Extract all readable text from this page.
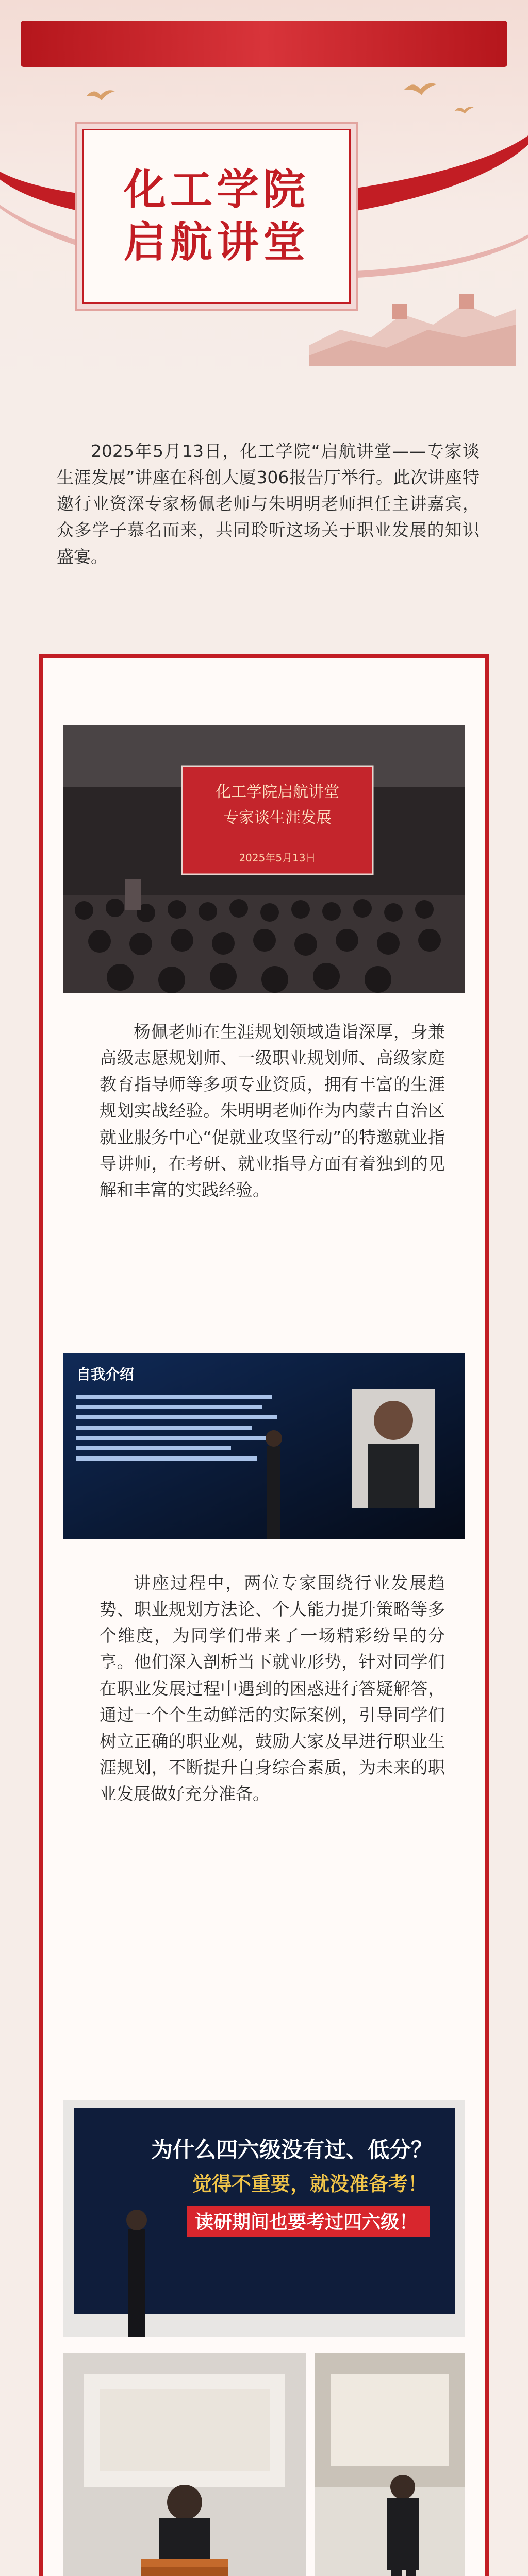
化工学院
启航讲堂

2025年5月13日，化工学院“启航讲堂——专家谈生涯发展”讲座在科创大厦306报告厅举行。此次讲座特邀行业资深专家杨佩老师与朱明明老师担任主讲嘉宾，众多学子慕名而来，共同聆听这场关于职业发展的知识盛宴。

化工学院启航讲堂
专家谈生涯发展
2025年5月13日
杨佩老师在生涯规划领域造诣深厚，身兼高级志愿规划师、一级职业规划师、高级家庭教育指导师等多项专业资质，拥有丰富的生涯规划实战经验。朱明明老师作为内蒙古自治区就业服务中心“促就业攻坚行动”的特邀就业指导讲师，在考研、就业指导方面有着独到的见解和丰富的实践经验。
自我介绍
讲座过程中，两位专家围绕行业发展趋势、职业规划方法论、个人能力提升策略等多个维度，为同学们带来了一场精彩纷呈的分享。他们深入剖析当下就业形势，针对同学们在职业发展过程中遇到的困惑进行答疑解答，通过一个个生动鲜活的实际案例，引导同学们树立正确的职业观，鼓励大家及早进行职业生涯规划，不断提升自身综合素质，为未来的职业发展做好充分准备。
为什么四六级没有过、低分？
觉得不重要，就没准备考！
读研期间也要考过四六级！
